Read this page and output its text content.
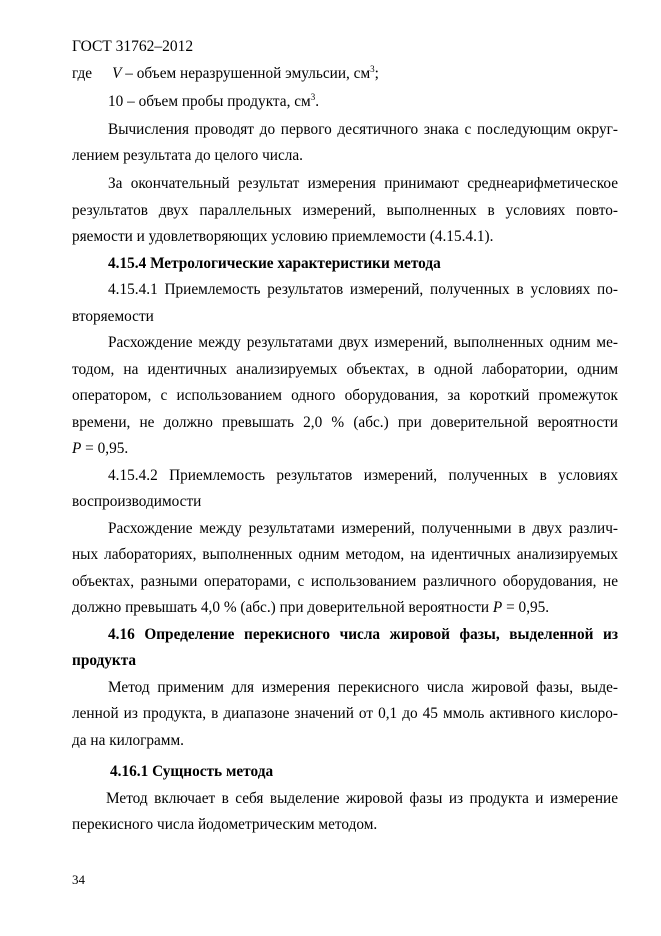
ГОСТ 31762–2012
где V – объем неразрушенной эмульсии, $см^3$;
10 – объем пробы продукта, $см^3$.
Вычисления проводят до первого десятичного знака с последующим округ-
лением результата до целого числа.
За окончательный результат измерения принимают среднеарифметическое
результатов двух параллельных измерений, выполненных в условиях повто-
ряемости и удовлетворяющих условию приемлемости (4.15.4.1).
4.15.4 Метрологические характеристики метода
4.15.4.1 Приемлемость результатов измерений, полученных в условиях по-
вторяемости
Расхождение между результатами двух измерений, выполненных одним ме-
тодом, на идентичных анализируемых объектах, в одной лаборатории, одним
оператором, с использованием одного оборудования, за короткий промежуток
времени, не должно превышать 2,0 % (абс.) при доверительной вероятности
P = 0,95.
4.15.4.2 Приемлемость результатов измерений, полученных в условиях
воспроизводимости
Расхождение между результатами измерений, полученными в двух различ-
ных лабораториях, выполненных одним методом, на идентичных анализируемых
объектах, разными операторами, с использованием различного оборудования, не
должно превышать 4,0 % (абс.) при доверительной вероятности P = 0,95.
4.16 Определение перекисного числа жировой фазы, выделенной из
продукта
Метод применим для измерения перекисного числа жировой фазы, выде-
ленной из продукта, в диапазоне значений от 0,1 до 45 ммоль активного кислоро-
да на килограмм.
4.16.1 Сущность метода
Метод включает в себя выделение жировой фазы из продукта и измерение
перекисного числа йодометрическим методом.
34
